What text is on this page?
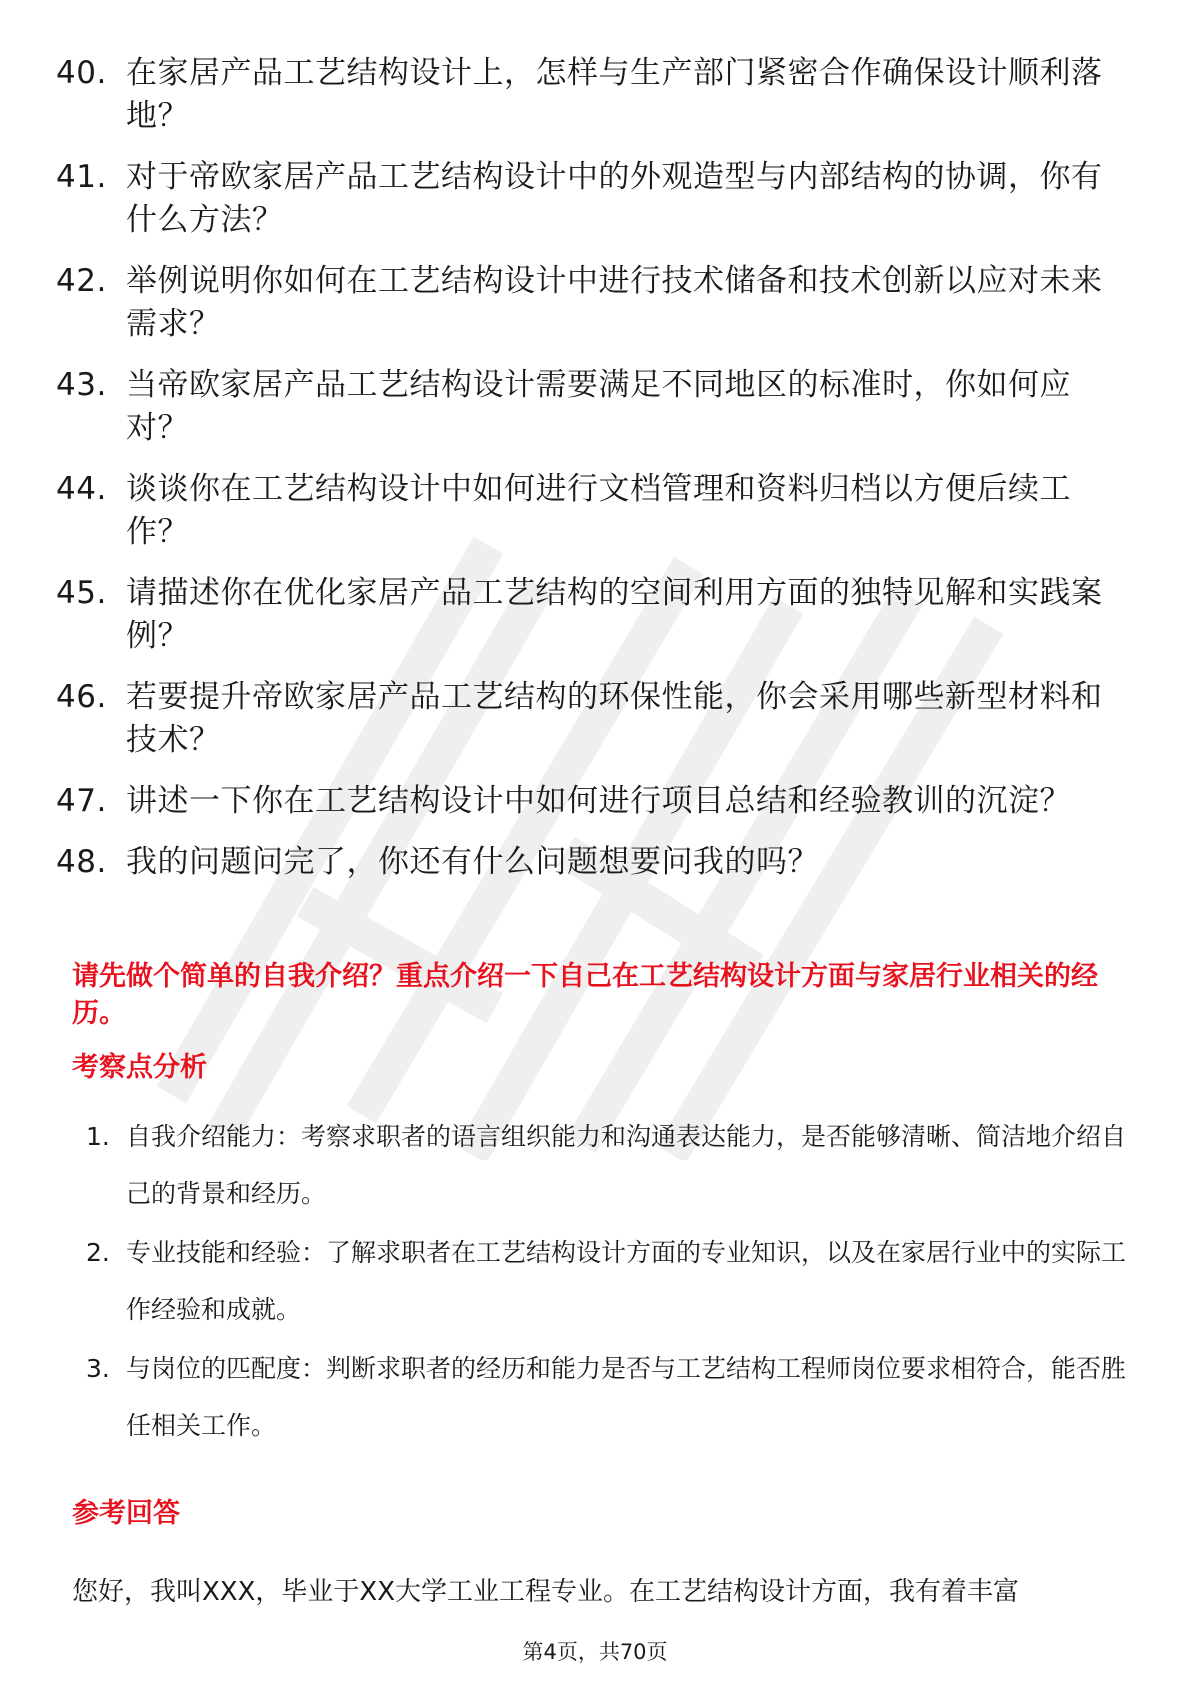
40. 在家居产品工艺结构设计上，怎样与生产部门紧密合作确保设计顺利落地？
41. 对于帝欧家居产品工艺结构设计中的外观造型与内部结构的协调，你有什么方法？
42. 举例说明你如何在工艺结构设计中进行技术储备和技术创新以应对未来需求？
43. 当帝欧家居产品工艺结构设计需要满足不同地区的标准时，你如何应对？
44. 谈谈你在工艺结构设计中如何进行文档管理和资料归档以方便后续工作？
45. 请描述你在优化家居产品工艺结构的空间利用方面的独特见解和实践案例？
46. 若要提升帝欧家居产品工艺结构的环保性能，你会采用哪些新型材料和技术？
47. 讲述一下你在工艺结构设计中如何进行项目总结和经验教训的沉淀？
48. 我的问题问完了，你还有什么问题想要问我的吗？

请先做个简单的自我介绍？重点介绍一下自己在工艺结构设计方面与家居行业相关的经历。

考察点分析
1. 自我介绍能力：考察求职者的语言组织能力和沟通表达能力，是否能够清晰、简洁地介绍自己的背景和经历。
2. 专业技能和经验：了解求职者在工艺结构设计方面的专业知识，以及在家居行业中的实际工作经验和成就。
3. 与岗位的匹配度：判断求职者的经历和能力是否与工艺结构工程师岗位要求相符合，能否胜任相关工作。
参考回答

您好，我叫XXX，毕业于XX大学工业工程专业。在工艺结构设计方面，我有着丰富

第4页，共70页
